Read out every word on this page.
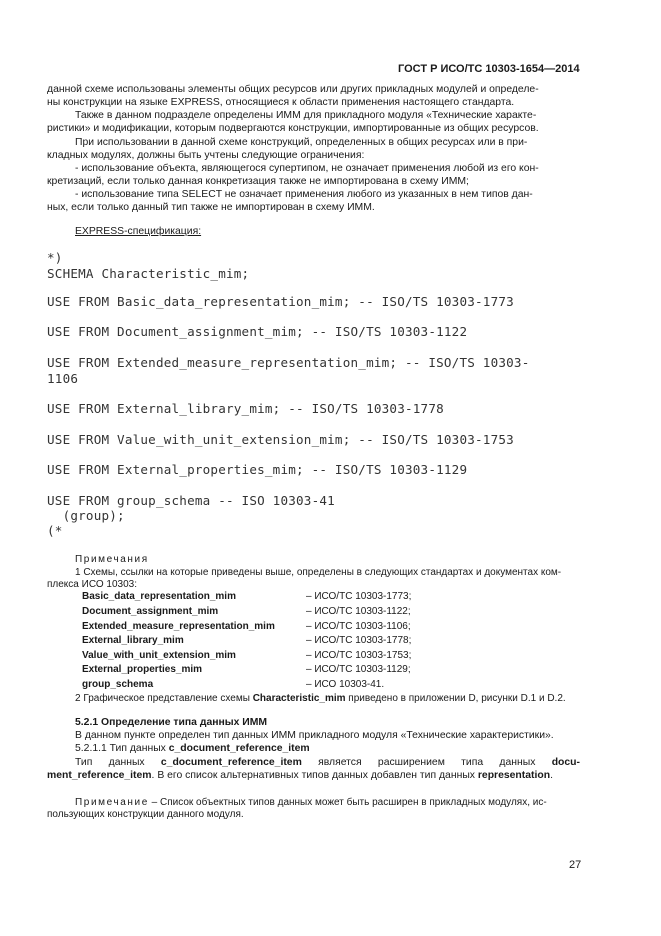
ГОСТ Р ИСО/ТС 10303-1654—2014
данной схеме использованы элементы общих ресурсов или других прикладных модулей и определе-
ны конструкции на языке EXPRESS, относящиеся к области применения настоящего стандарта.
Также в данном подразделе определены ИММ для прикладного модуля «Технические характе-
ристики» и модификации, которым подвергаются конструкции, импортированные из общих ресурсов.
При использовании в данной схеме конструкций, определенных в общих ресурсах или в при-
кладных модулях, должны быть учтены следующие ограничения:
- использование объекта, являющегося супертипом, не означает применения любой из его кон-
кретизаций, если только данная конкретизация также не импортирована в схему ИММ;
- использование типа SELECT не означает применения любого из указанных в нем типов дан-
ных, если только данный тип также не импортирован в схему ИММ.
EXPRESS-спецификация:
*)
SCHEMA Characteristic_mim;
USE FROM Basic_data_representation_mim; -- ISO/TS 10303-1773
USE FROM Document_assignment_mim; -- ISO/TS 10303-1122
USE FROM Extended_measure_representation_mim; -- ISO/TS 10303-
1106
USE FROM External_library_mim; -- ISO/TS 10303-1778
USE FROM Value_with_unit_extension_mim; -- ISO/TS 10303-1753
USE FROM External_properties_mim; -- ISO/TS 10303-1129
USE FROM group_schema -- ISO 10303-41
(group);
(*
Примечания
1 Схемы, ссылки на которые приведены выше, определены в следующих стандартах и документах ком-
плекса ИСО 10303:
Basic_data_representation_mim	– ИСО/ТС 10303-1773;
Document_assignment_mim	– ИСО/ТС 10303-1122;
Extended_measure_representation_mim	– ИСО/ТС 10303-1106;
External_library_mim	– ИСО/ТС 10303-1778;
Value_with_unit_extension_mim	– ИСО/ТС 10303-1753;
External_properties_mim	– ИСО/ТС 10303-1129;
group_schema	– ИСО 10303-41.
2 Графическое представление схемы Characteristic_mim приведено в приложении D, рисунки D.1 и D.2.
5.2.1 Определение типа данных ИММ
В данном пункте определен тип данных ИММ прикладного модуля «Технические характеристики».
5.2.1.1 Тип данных c_document_reference_item
Тип данных c_document_reference_item является расширением типа данных docu-
ment_reference_item. В его список альтернативных типов данных добавлен тип данных representation.
Примечание – Список объектных типов данных может быть расширен в прикладных модулях, ис-
пользующих конструкции данного модуля.
27
